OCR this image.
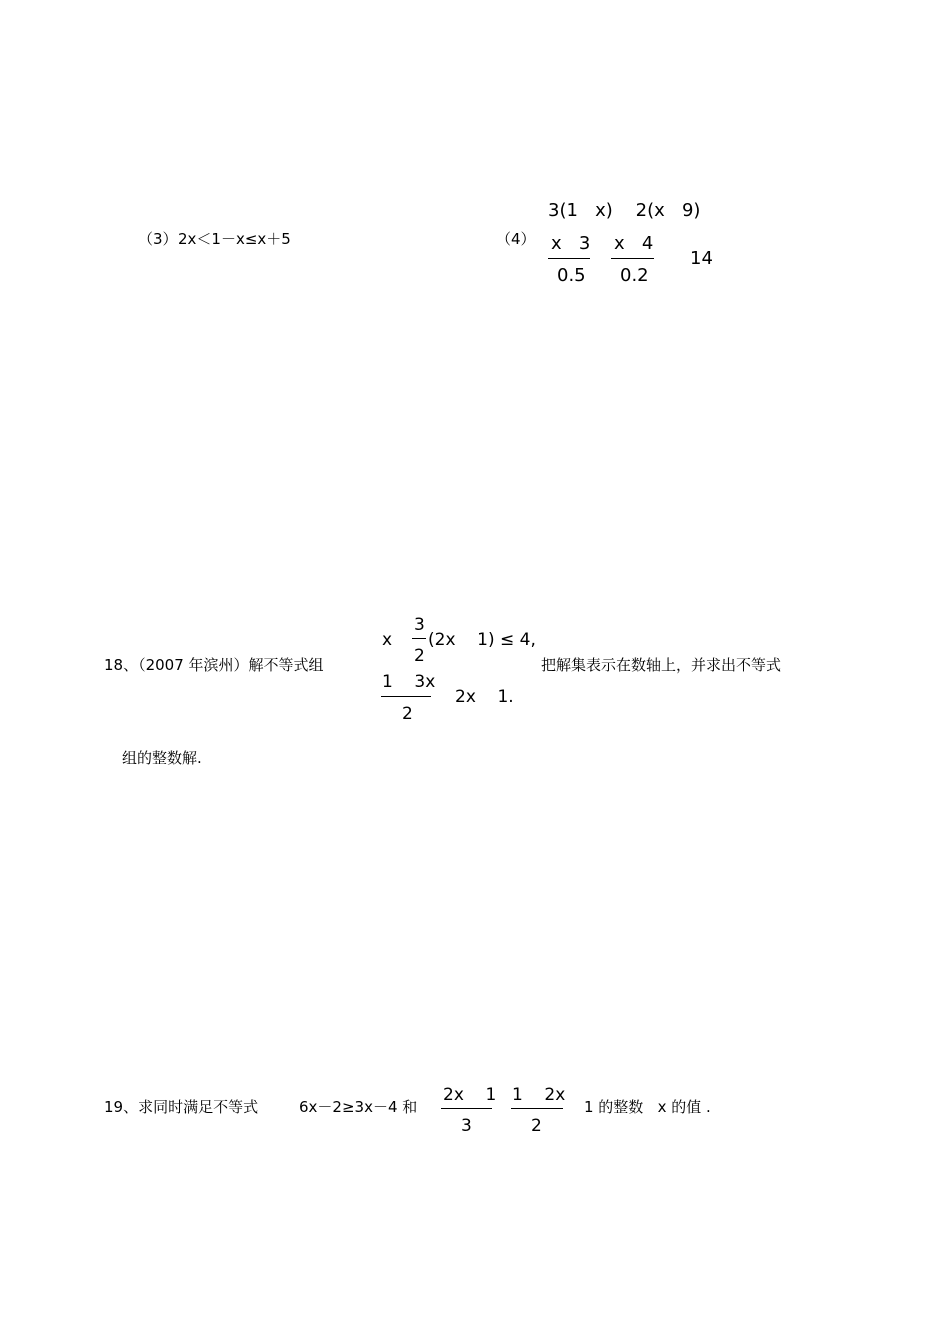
（3） 2x＜1－x≤x＋5	（4）
3(1   x)    2(x   9)
x   3
0.5
x   4
0.2
14
18、（2007 年滨州）解不等式组
x
3
2
(2x    1) ≤ 4,
1    3x
2
2x    1.
把解集表示在数轴上，并求出不等式
组的整数解.
19、求同时满足不等式	6x－2≥3x－4 和
2x    1
3
1    2x
2
1 的整数   x 的值 .
